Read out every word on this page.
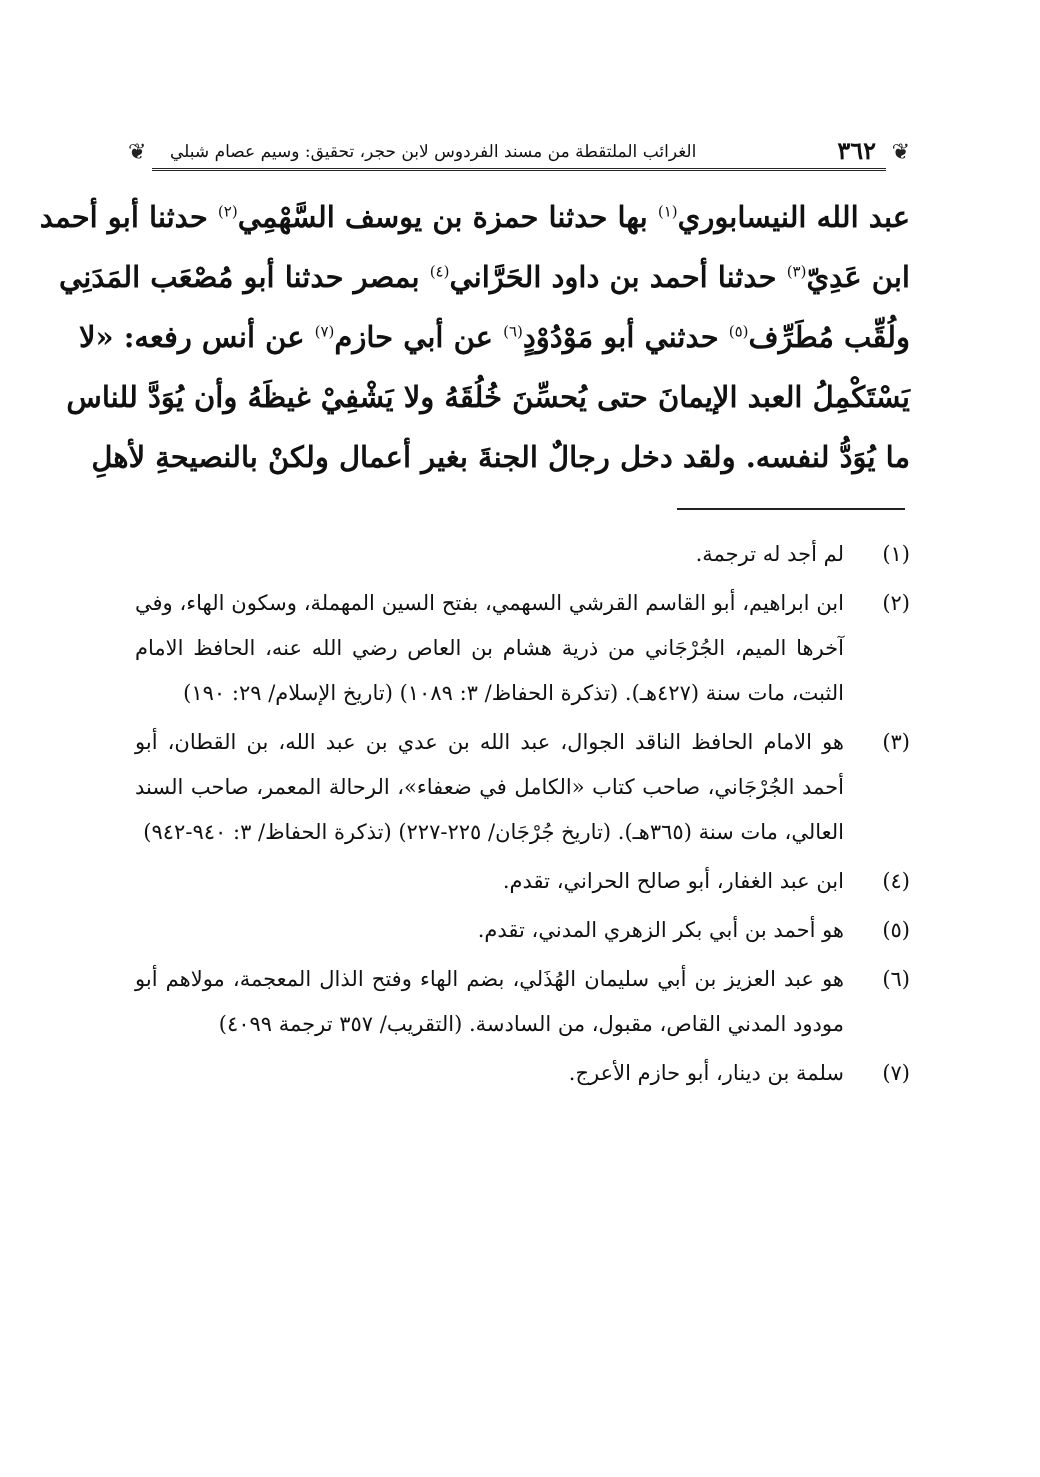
❦
٣٦٢
الغرائب الملتقطة من مسند الفردوس لابن حجر، تحقيق: وسيم عصام شبلي
❦
عبد الله النيسابوري$^{(١)}$ بها حدثنا حمزة بن يوسف السَّهْمِي$^{(٢)}$ حدثنا أبو أحمد
ابن عَدِيّ$^{(٣)}$ حدثنا أحمد بن داود الحَرَّاني$^{(٤)}$ بمصر حدثنا أبو مُصْعَب المَدَنِي
ولُقِّب مُطَرِّف$^{(٥)}$ حدثني أبو مَوْدُوْدٍ$^{(٦)}$ عن أبي حازم$^{(٧)}$ عن أنس رفعه: «لا
يَسْتَكْمِلُ العبد الإيمانَ حتى يُحسِّنَ خُلُقَهُ ولا يَشْفِيْ غيظَهُ وأن يُوَدَّ للناس
ما يُوَدُّ لنفسه. ولقد دخل رجالٌ الجنةَ بغير أعمال ولكنْ بالنصيحةِ لأهلِ
(١)
لم أجد له ترجمة.
(٢)
ابن ابراهيم، أبو القاسم القرشي السهمي، بفتح السين المهملة، وسكون الهاء، وفي آخرها الميم، الجُرْجَاني من ذرية هشام بن العاص رضي الله عنه، الحافظ الامام الثبت، مات سنة (٤٢٧هـ). (تذكرة الحفاظ/ ٣: ١٠٨٩) (تاريخ الإسلام/ ٢٩: ١٩٠)
(٣)
هو الامام الحافظ الناقد الجوال، عبد الله بن عدي بن عبد الله، بن القطان، أبو أحمد الجُرْجَاني، صاحب كتاب «الكامل في ضعفاء»، الرحالة المعمر، صاحب السند العالي، مات سنة (٣٦٥هـ). (تاريخ جُرْجَان/ ٢٢٥-٢٢٧) (تذكرة الحفاظ/ ٣: ٩٤٠-٩٤٢)
(٤)
ابن عبد الغفار، أبو صالح الحراني، تقدم.
(٥)
هو أحمد بن أبي بكر الزهري المدني، تقدم.
(٦)
هو عبد العزيز بن أبي سليمان الهُذَلي، بضم الهاء وفتح الذال المعجمة، مولاهم أبو مودود المدني القاص، مقبول، من السادسة. (التقريب/ ٣٥٧ ترجمة ٤٠٩٩)
(٧)
سلمة بن دينار، أبو حازم الأعرج.
